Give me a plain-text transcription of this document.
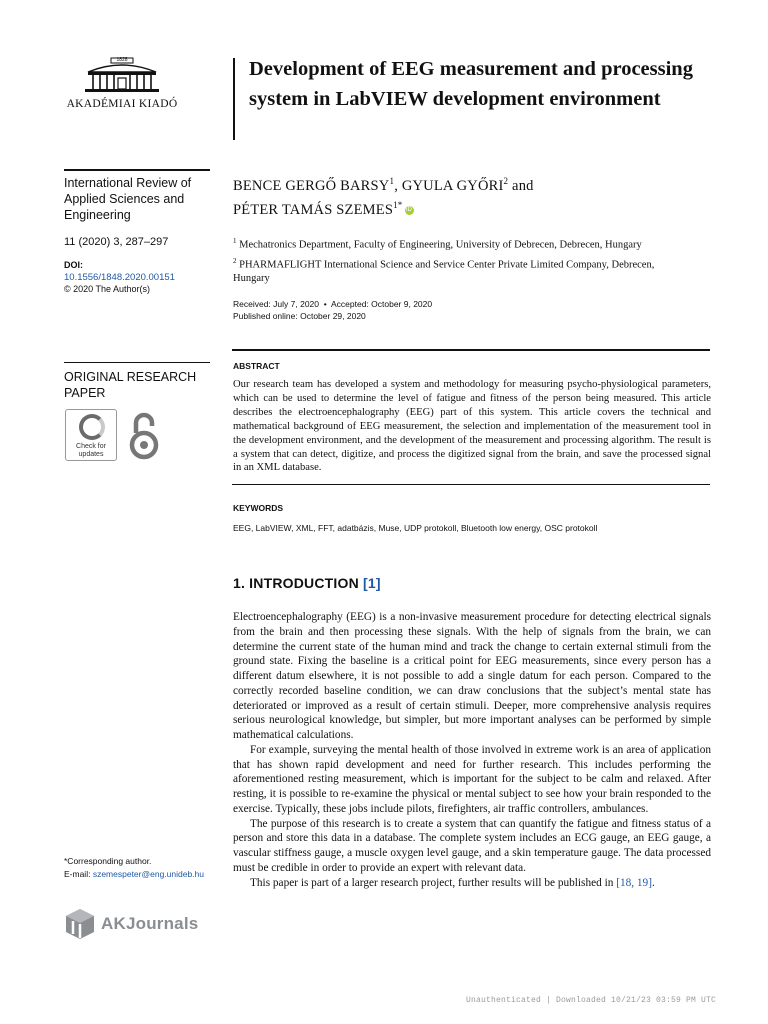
1828
AKADÉMIAI KIADÓ
International Review of Applied Sciences and Engineering
11 (2020) 3, 287–297
DOI:
10.1556/1848.2020.00151
© 2020 The Author(s)
ORIGINAL RESEARCH PAPER
Check for updates
*Corresponding author.
E-mail: szemespeter@eng.unideb.hu
AKJournals
Development of EEG measurement and processing system in LabVIEW development environment
BENCE GERGŐ BARSY$^1$, GYULA GYŐRI$^2$ and
PÉTER TAMÁS $SZEMES^{1*}$ iD
$^1$ Mechatronics Department, Faculty of Engineering, University of Debrecen, Debrecen, Hungary
$^2$ PHARMAFLIGHT International Science and Service Center Private Limited Company, Debrecen, Hungary
Received: July 7, 2020 • Accepted: October 9, 2020
Published online: October 29, 2020
ABSTRACT

Our research team has developed a system and methodology for measuring psycho-physiological parameters, which can be used to determine the level of fatigue and fitness of the person being measured. This article describes the electroencephalography (EEG) part of this system. This article covers the technical and mathematical background of EEG measurement, the selection and implementation of the measurement tool in the development environment, and the development of the measurement and processing algorithm. The result is a system that can detect, digitize, and process the digitized signal from the brain, and save the processed signal in an XML database.

KEYWORDS
EEG, LabVIEW, XML, FFT, adatbázis, Muse, UDP protokoll, Bluetooth low energy, OSC protokoll
1. INTRODUCTION [1]

Electroencephalography (EEG) is a non-invasive measurement procedure for detecting electrical signals from the brain and then processing these signals. With the help of signals from the brain, we can determine the current state of the human mind and track the change to certain external stimuli from the ground state. Fixing the baseline is a critical point for EEG measurements, since every person has a different datum elsewhere, it is not possible to add a single datum for each person. Compared to the correctly recorded baseline condition, we can draw conclusions that the subject’s mental state has deteriorated or improved as a result of certain stimuli. Deeper, more comprehensive analysis requires serious neurological knowledge, but simpler, but more important analyses can be performed by simple mathematical calculations.

For example, surveying the mental health of those involved in extreme work is an area of application that has shown rapid development and need for further research. This includes performing the aforementioned resting measurement, which is important for the subject to be calm and relaxed. After resting, it is possible to re-examine the physical or mental subject to see how your brain responded to the exercise. Typically, these jobs include pilots, firefighters, air traffic controllers, ambulances.

The purpose of this research is to create a system that can quantify the fatigue and fitness status of a person and store this data in a database. The complete system includes an ECG gauge, an EEG gauge, a vascular stiffness gauge, a muscle oxygen level gauge, and a skin temperature gauge. The data processed must be credible in order to provide an expert with relevant data.

This paper is part of a larger research project, further results will be published in [18, 19].

Unauthenticated | Downloaded 10/21/23 03:59 PM UTC
